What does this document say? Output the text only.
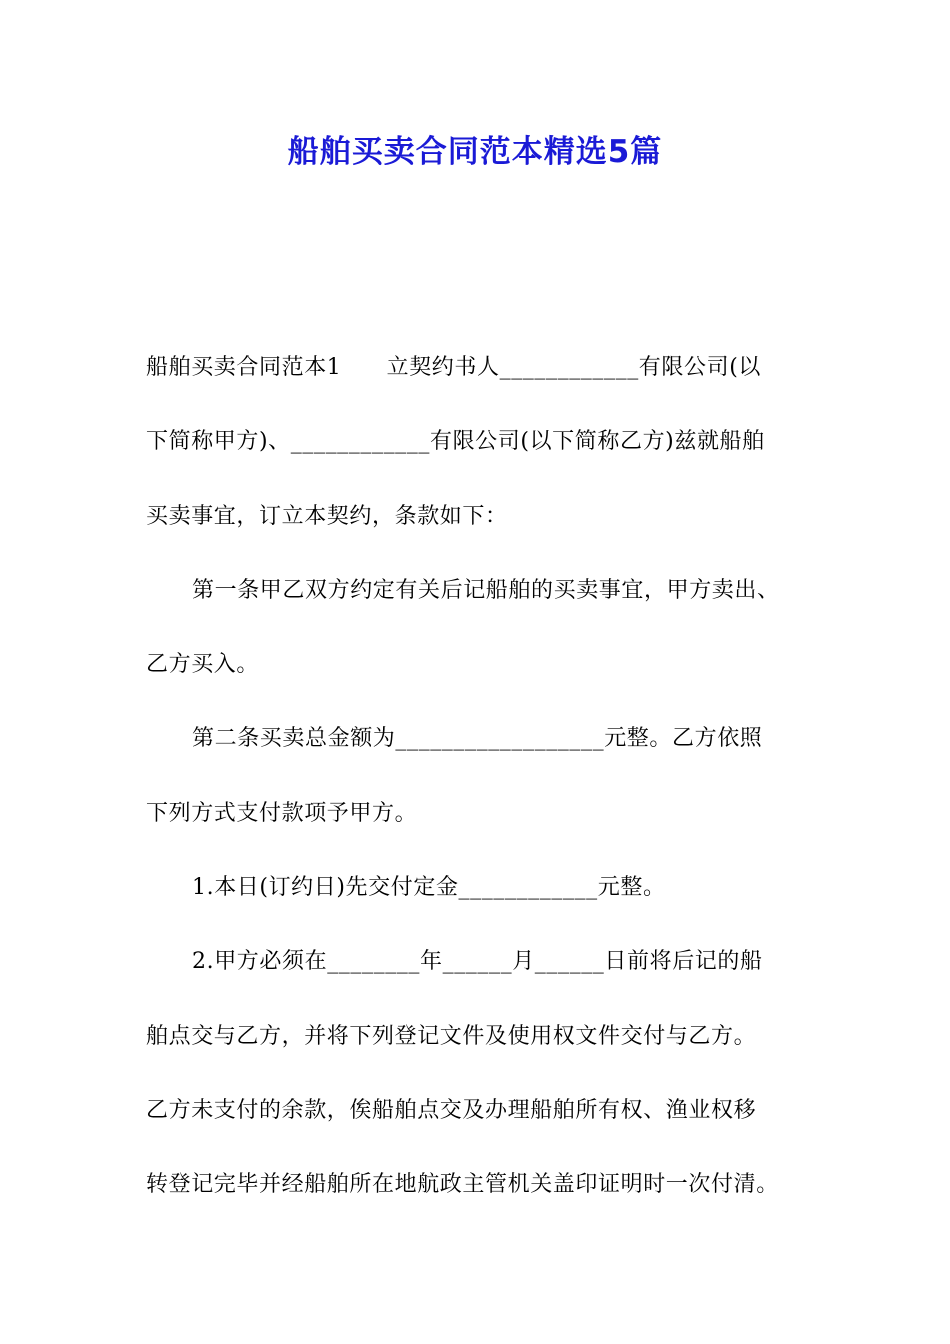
船舶买卖合同范本精选5篇
船舶买卖合同范本1　　立契约书人____________有限公司(以
下简称甲方)、____________有限公司(以下简称乙方)兹就船舶
买卖事宜，订立本契约，条款如下：
第一条甲乙双方约定有关后记船舶的买卖事宜，甲方卖出、
乙方买入。
第二条买卖总金额为__________________元整。乙方依照
下列方式支付款项予甲方。
1.本日(订约日)先交付定金____________元整。
2.甲方必须在________年______月______日前将后记的船
舶点交与乙方，并将下列登记文件及使用权文件交付与乙方。
乙方未支付的余款，俟船舶点交及办理船舶所有权、渔业权移
转登记完毕并经船舶所在地航政主管机关盖印证明时一次付清。
